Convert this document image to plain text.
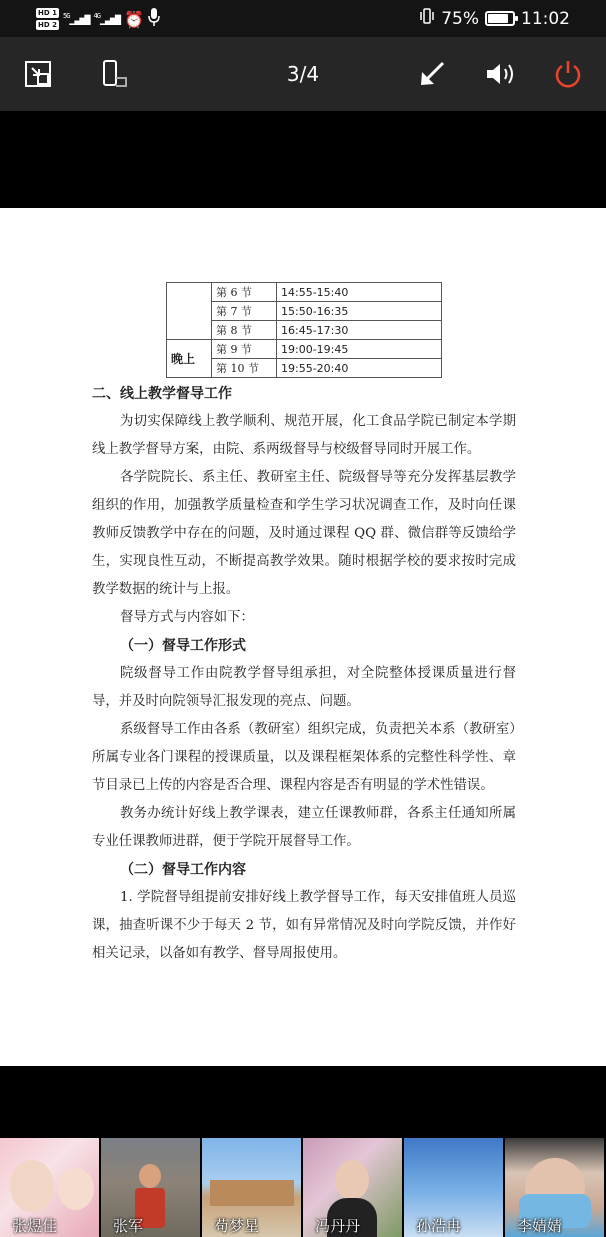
HD 1
HD 2
$^{5G}$▁▃▅▇ $^{4G}$▁▃▅▇ ⏰	75% 11:02
3/4
	第 6 节	14:55-15:40
	第 7 节	15:50-16:35
	第 8 节	16:45-17:30
晚上	第 9 节	19:00-19:45
	第 10 节	19:55-20:40
二、线上教学督导工作

为切实保障线上教学顺利、规范开展，化工食品学院已制定本学期线上教学督导方案，由院、系两级督导与校级督导同时开展工作。

各学院院长、系主任、教研室主任、院级督导等充分发挥基层教学组织的作用，加强教学质量检查和学生学习状况调查工作，及时向任课教师反馈教学中存在的问题，及时通过课程 QQ 群、微信群等反馈给学生，实现良性互动，不断提高教学效果。随时根据学校的要求按时完成教学数据的统计与上报。

督导方式与内容如下：

（一）督导工作形式

院级督导工作由院教学督导组承担，对全院整体授课质量进行督导，并及时向院领导汇报发现的亮点、问题。

系级督导工作由各系（教研室）组织完成，负责把关本系（教研室）所属专业各门课程的授课质量，以及课程框架体系的完整性科学性、章节目录已上传的内容是否合理、课程内容是否有明显的学术性错误。

教务办统计好线上教学课表，建立任课教师群，各系主任通知所属专业任课教师进群，便于学院开展督导工作。

（二）督导工作内容

1. 学院督导组提前安排好线上教学督导工作，每天安排值班人员巡课，抽查听课不少于每天 2 节，如有异常情况及时向学院反馈，并作好相关记录，以备如有教学、督导周报使用。

张煜佳	张军	苟梦星	冯丹丹	孙浩冉	李婧婧
